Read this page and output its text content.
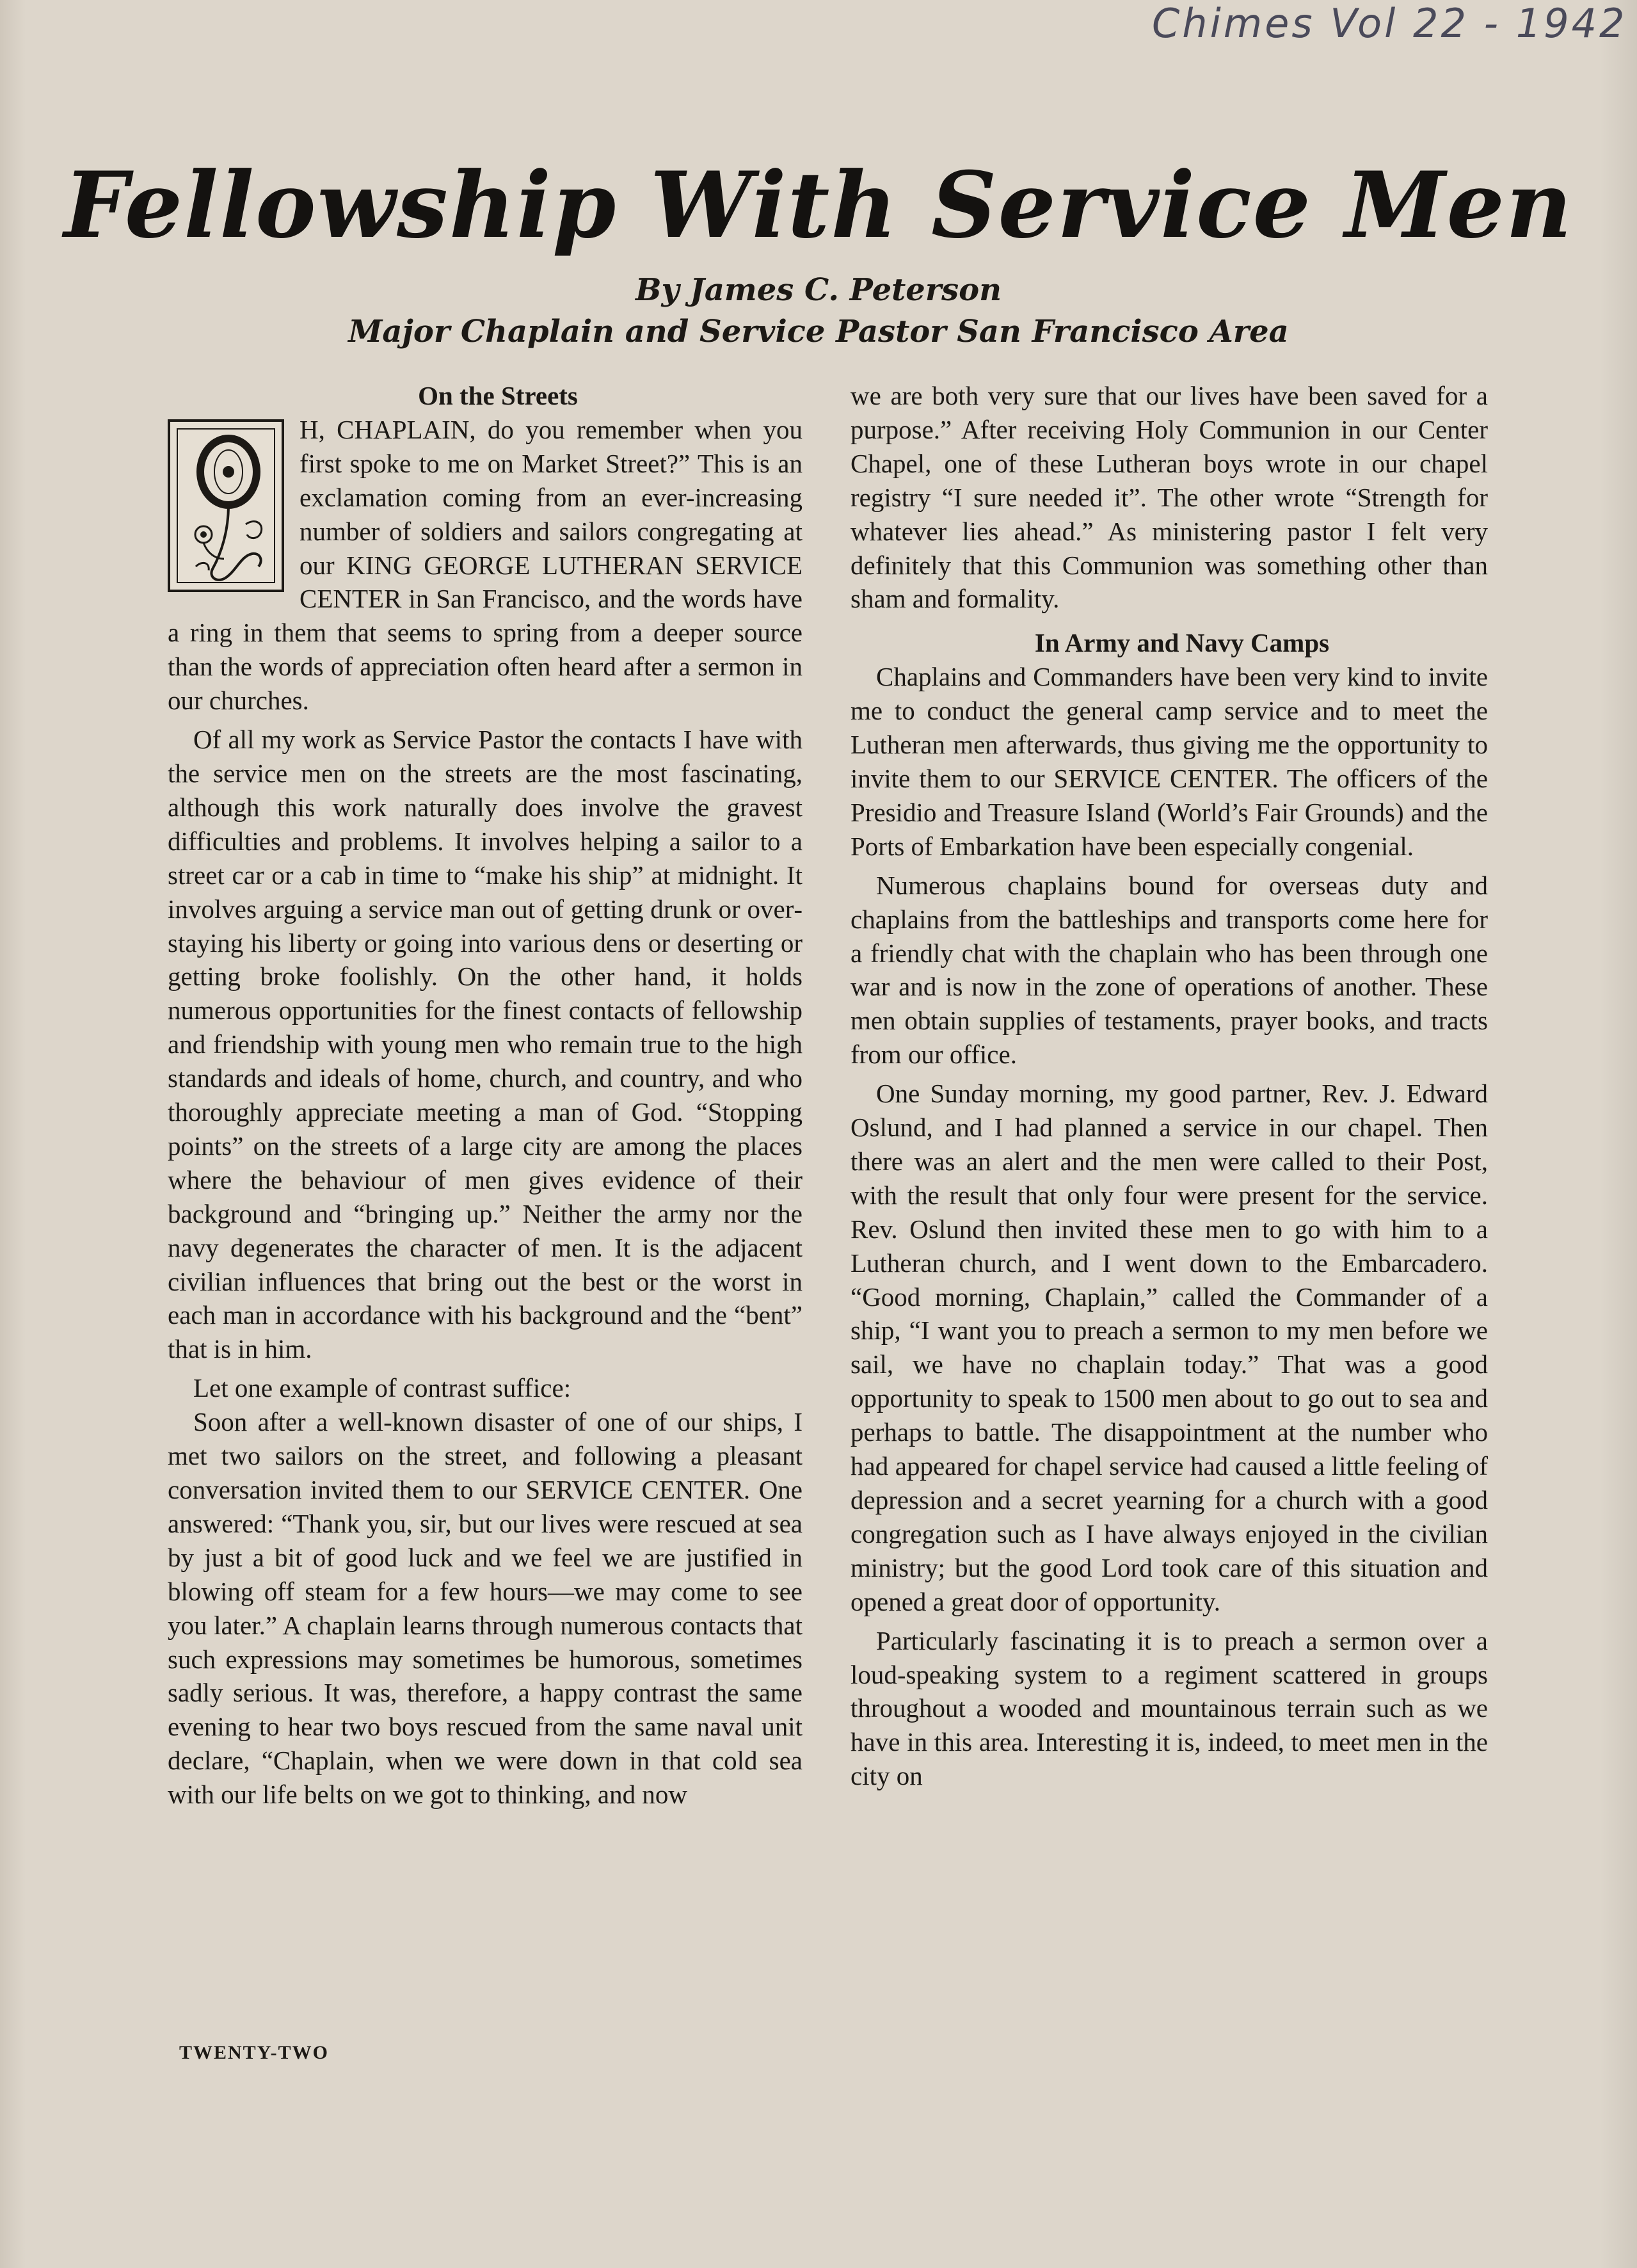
Chimes Vol 22 - 1942
Fellowship With Service Men
By James C. Peterson
Major Chaplain and Service Pastor San Francisco Area

On the Streets

H, CHAPLAIN, do you remember when you first spoke to me on Market Street?” This is an exclamation coming from an ever-increasing number of soldiers and sailors congregating at our KING GEORGE LUTHERAN SERVICE CENTER in San Francisco, and the words have a ring in them that seems to spring from a deeper source than the words of appreciation often heard after a sermon in our churches.

Of all my work as Service Pastor the contacts I have with the service men on the streets are the most fascinating, although this work naturally does involve the gravest difficulties and problems. It involves helping a sailor to a street car or a cab in time to “make his ship” at midnight. It involves arguing a service man out of getting drunk or overstaying his liberty or going into various dens or deserting or getting broke foolishly. On the other hand, it holds numerous opportunities for the finest contacts of fellowship and friendship with young men who remain true to the high standards and ideals of home, church, and country, and who thoroughly appreciate meeting a man of God. “Stopping points” on the streets of a large city are among the places where the behaviour of men gives evidence of their background and “bringing up.” Neither the army nor the navy degenerates the character of men. It is the adjacent civilian influences that bring out the best or the worst in each man in accordance with his background and the “bent” that is in him.

Let one example of contrast suffice:

Soon after a well-known disaster of one of our ships, I met two sailors on the street, and following a pleasant conversation invited them to our SERVICE CENTER. One answered: “Thank you, sir, but our lives were rescued at sea by just a bit of good luck and we feel we are justified in blowing off steam for a few hours—we may come to see you later.” A chaplain learns through numerous contacts that such expressions may sometimes be humorous, sometimes sadly serious. It was, therefore, a happy contrast the same evening to hear two boys rescued from the same naval unit declare, “Chaplain, when we were down in that cold sea with our life belts on we got to thinking, and now

we are both very sure that our lives have been saved for a purpose.” After receiving Holy Communion in our Center Chapel, one of these Lutheran boys wrote in our chapel registry “I sure needed it”. The other wrote “Strength for whatever lies ahead.” As ministering pastor I felt very definitely that this Communion was something other than sham and formality.

In Army and Navy Camps

Chaplains and Commanders have been very kind to invite me to conduct the general camp service and to meet the Lutheran men afterwards, thus giving me the opportunity to invite them to our SERVICE CENTER. The officers of the Presidio and Treasure Island (World’s Fair Grounds) and the Ports of Embarkation have been especially congenial.

Numerous chaplains bound for overseas duty and chaplains from the battleships and transports come here for a friendly chat with the chaplain who has been through one war and is now in the zone of operations of another. These men obtain supplies of testaments, prayer books, and tracts from our office.

One Sunday morning, my good partner, Rev. J. Edward Oslund, and I had planned a service in our chapel. Then there was an alert and the men were called to their Post, with the result that only four were present for the service. Rev. Oslund then invited these men to go with him to a Lutheran church, and I went down to the Embarcadero. “Good morning, Chaplain,” called the Commander of a ship, “I want you to preach a sermon to my men before we sail, we have no chaplain today.” That was a good opportunity to speak to 1500 men about to go out to sea and perhaps to battle. The disappointment at the number who had appeared for chapel service had caused a little feeling of depression and a secret yearning for a church with a good congregation such as I have always enjoyed in the civilian ministry; but the good Lord took care of this situation and opened a great door of opportunity.

Particularly fascinating it is to preach a sermon over a loud-speaking system to a regiment scattered in groups throughout a wooded and mountainous terrain such as we have in this area. Interesting it is, indeed, to meet men in the city on

TWENTY-TWO
